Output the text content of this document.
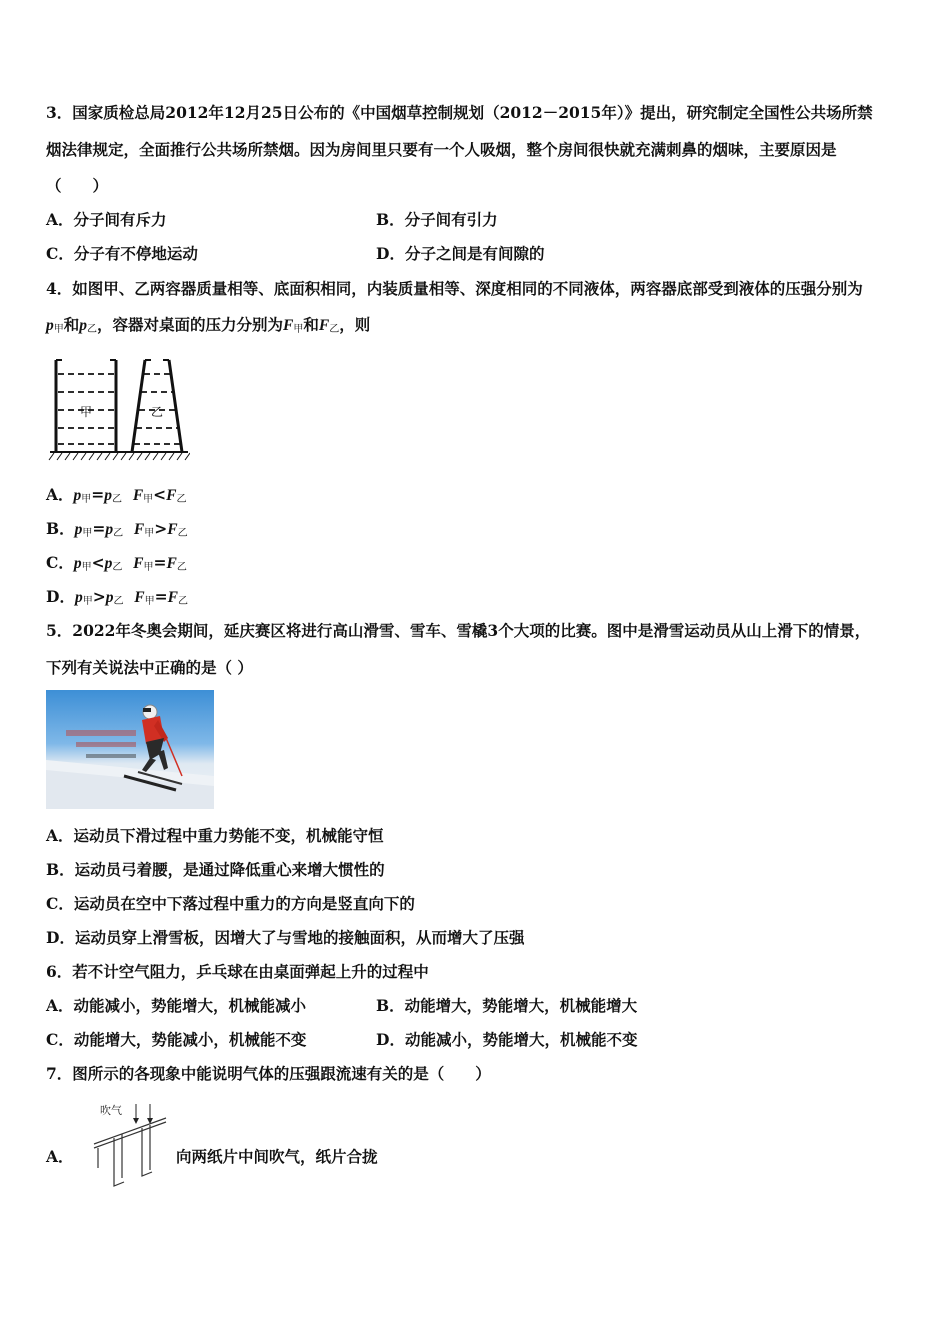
3．国家质检总局2012年12月25日公布的《中国烟草控制规划（2012－2015年）》提出，研究制定全国性公共场所禁
烟法律规定，全面推行公共场所禁烟。因为房间里只要有一个人吸烟，整个房间很快就充满刺鼻的烟味，主要原因是
（　　）
A．分子间有斥力	B．分子间有引力
C．分子有不停地运动	D．分子之间是有间隙的
4．如图甲、乙两容器质量相等、底面积相同，内装质量相等、深度相同的不同液体，两容器底部受到液体的压强分别为
$p_甲$和$p_乙$，容器对桌面的压力分别为$F_甲$和$F_乙$，则
甲	乙
A．$p_甲=p_乙$ $F_甲<F_乙$
B．$p_甲=p_乙$ $F_甲>F_乙$
C．$p_甲<p_乙$ $F_甲=F_乙$
D．$p_甲>p_乙$ $F_甲=F_乙$
5．2022年冬奥会期间，延庆赛区将进行高山滑雪、雪车、雪橇3个大项的比赛。图中是滑雪运动员从山上滑下的情景，
下列有关说法中正确的是（ ）
A．运动员下滑过程中重力势能不变，机械能守恒
B．运动员弓着腰，是通过降低重心来增大惯性的
C．运动员在空中下落过程中重力的方向是竖直向下的
D．运动员穿上滑雪板，因增大了与雪地的接触面积，从而增大了压强
6．若不计空气阻力，乒乓球在由桌面弹起上升的过程中
A．动能减小，势能增大，机械能减小	B．动能增大，势能增大，机械能增大
C．动能增大，势能减小，机械能不变	D．动能减小，势能增大，机械能不变
7．图所示的各现象中能说明气体的压强跟流速有关的是（　　）
A．
吹气
向两纸片中间吹气，纸片合拢
